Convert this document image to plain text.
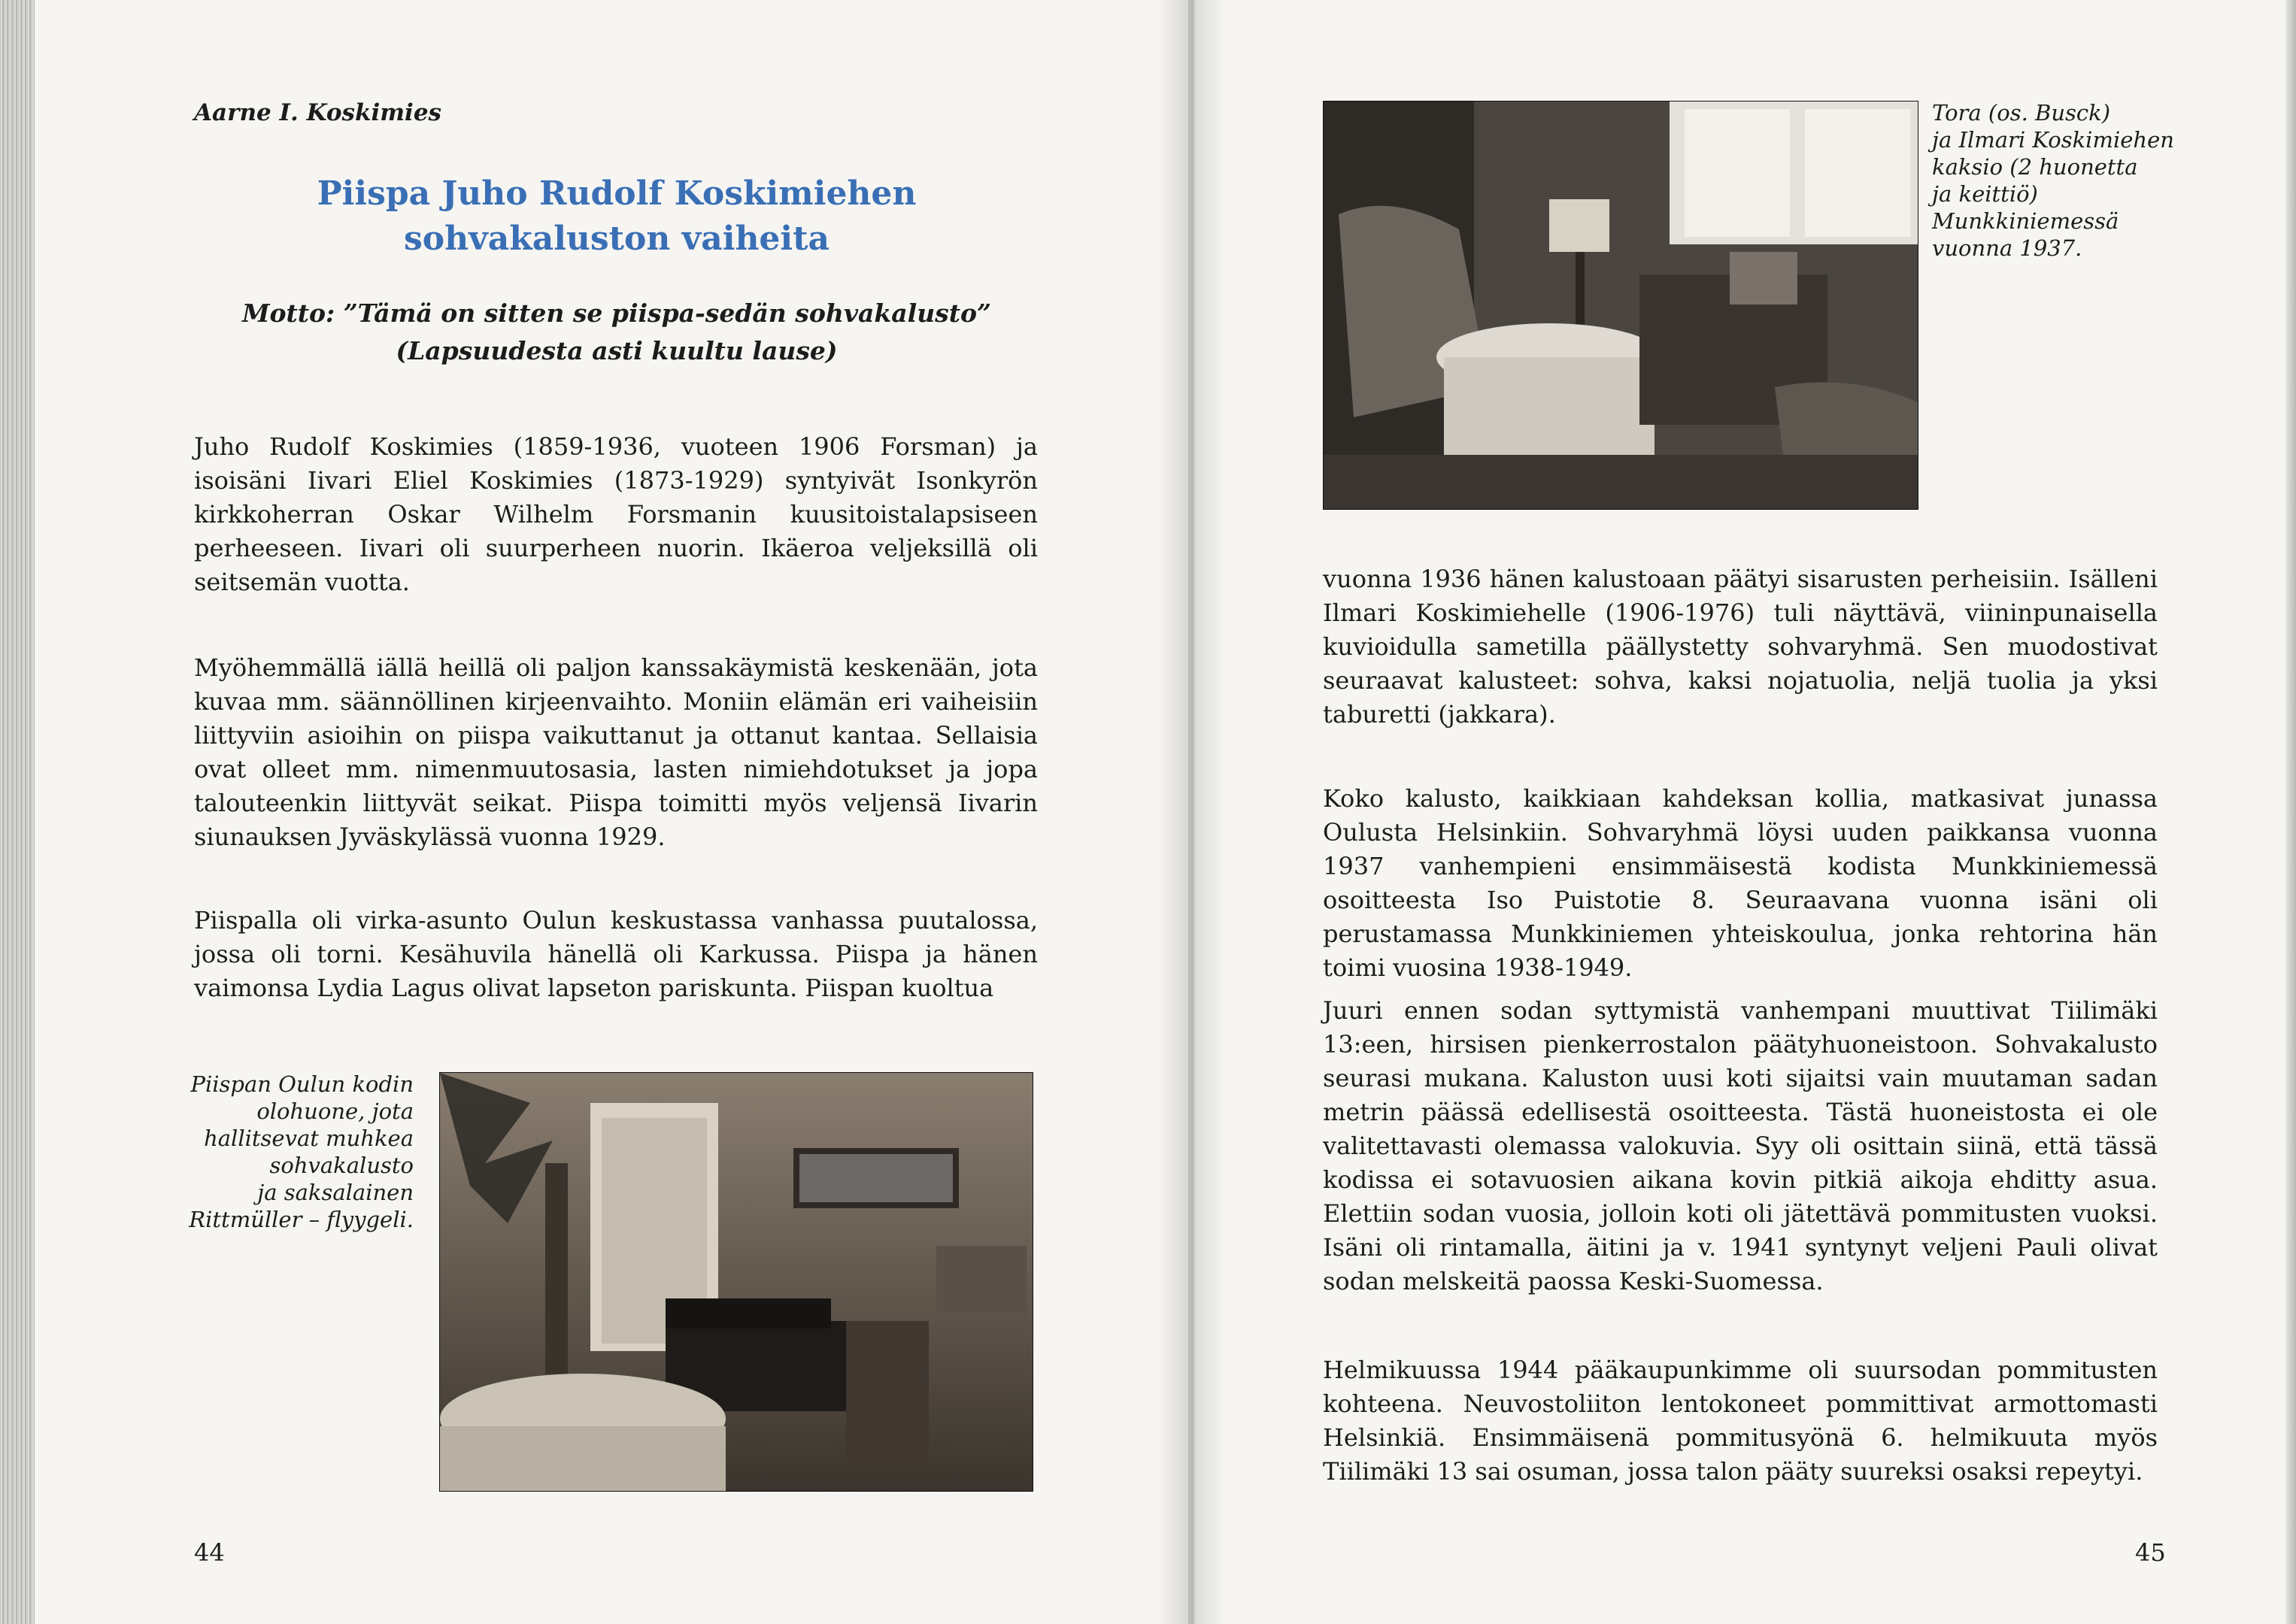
Aarne I. Koskimies

Piispa Juho Rudolf Koskimiehen
sohvakaluston vaiheita
Motto: ”Tämä on sitten se piispa-sedän sohvakalusto”
(Lapsuudesta asti kuultu lause)

Juho Rudolf Koskimies (1859-1936, vuoteen 1906 Forsman) ja isoisäni Iivari Eliel Koskimies (1873-1929) syntyivät Isonkyrön kirkkoherran Oskar Wilhelm Forsmanin kuusitoistalapsiseen perheeseen. Iivari oli suurperheen nuorin. Ikäeroa veljeksillä oli seitsemän vuotta.

Myöhemmällä iällä heillä oli paljon kanssakäymistä keskenään, jota kuvaa mm. säännöllinen kirjeenvaihto. Moniin elämän eri vaiheisiin liittyviin asioihin on piispa vaikuttanut ja ottanut kantaa. Sellaisia ovat olleet mm. nimenmuutosasia, lasten nimiehdotukset ja jopa talouteenkin liittyvät seikat. Piispa toimitti myös veljensä Iivarin siunauksen Jyväskylässä vuonna 1929.

Piispalla oli virka-asunto Oulun keskustassa vanhassa puutalossa, jossa oli torni. Kesähuvila hänellä oli Karkussa. Piispa ja hänen vaimonsa Lydia Lagus olivat lapseton pariskunta. Piispan kuoltua

Piispan Oulun kodin
olohuone, jota
hallitsevat muhkea
sohvakalusto
ja saksalainen
Rittmüller – flyygeli.

44

Tora (os. Busck)
ja Ilmari Koskimiehen
kaksio (2 huonetta
ja keittiö)
Munkkiniemessä
vuonna 1937.

vuonna 1936 hänen kalustoaan päätyi sisarusten perheisiin. Isälleni Ilmari Koskimiehelle (1906-1976) tuli näyttävä, viininpunaisella kuvioidulla sametilla päällystetty sohvaryhmä. Sen muodostivat seuraavat kalusteet: sohva, kaksi nojatuolia, neljä tuolia ja yksi taburetti (jakkara).

Koko kalusto, kaikkiaan kahdeksan kollia, matkasivat junassa Oulusta Helsinkiin. Sohvaryhmä löysi uuden paikkansa vuonna 1937 vanhempieni ensimmäisestä kodista Munkkiniemessä osoitteesta Iso Puistotie 8. Seuraavana vuonna isäni oli perustamassa Munkkiniemen yhteiskoulua, jonka rehtorina hän toimi vuosina 1938-1949.

Juuri ennen sodan syttymistä vanhempani muuttivat Tiilimäki 13:een, hirsisen pienkerrostalon päätyhuoneistoon. Sohvakalusto seurasi mukana. Kaluston uusi koti sijaitsi vain muutaman sadan metrin päässä edellisestä osoitteesta. Tästä huoneistosta ei ole valitettavasti olemassa valokuvia. Syy oli osittain siinä, että tässä kodissa ei sotavuosien aikana kovin pitkiä aikoja ehditty asua. Elettiin sodan vuosia, jolloin koti oli jätettävä pommitusten vuoksi. Isäni oli rintamalla, äitini ja v. 1941 syntynyt veljeni Pauli olivat sodan melskeitä paossa Keski-Suomessa.

Helmikuussa 1944 pääkaupunkimme oli suursodan pommitusten kohteena. Neuvostoliiton lentokoneet pommittivat armottomasti Helsinkiä. Ensimmäisenä pommitusyönä 6. helmikuuta myös Tiilimäki 13 sai osuman, jossa talon pääty suureksi osaksi repeytyi.

45
